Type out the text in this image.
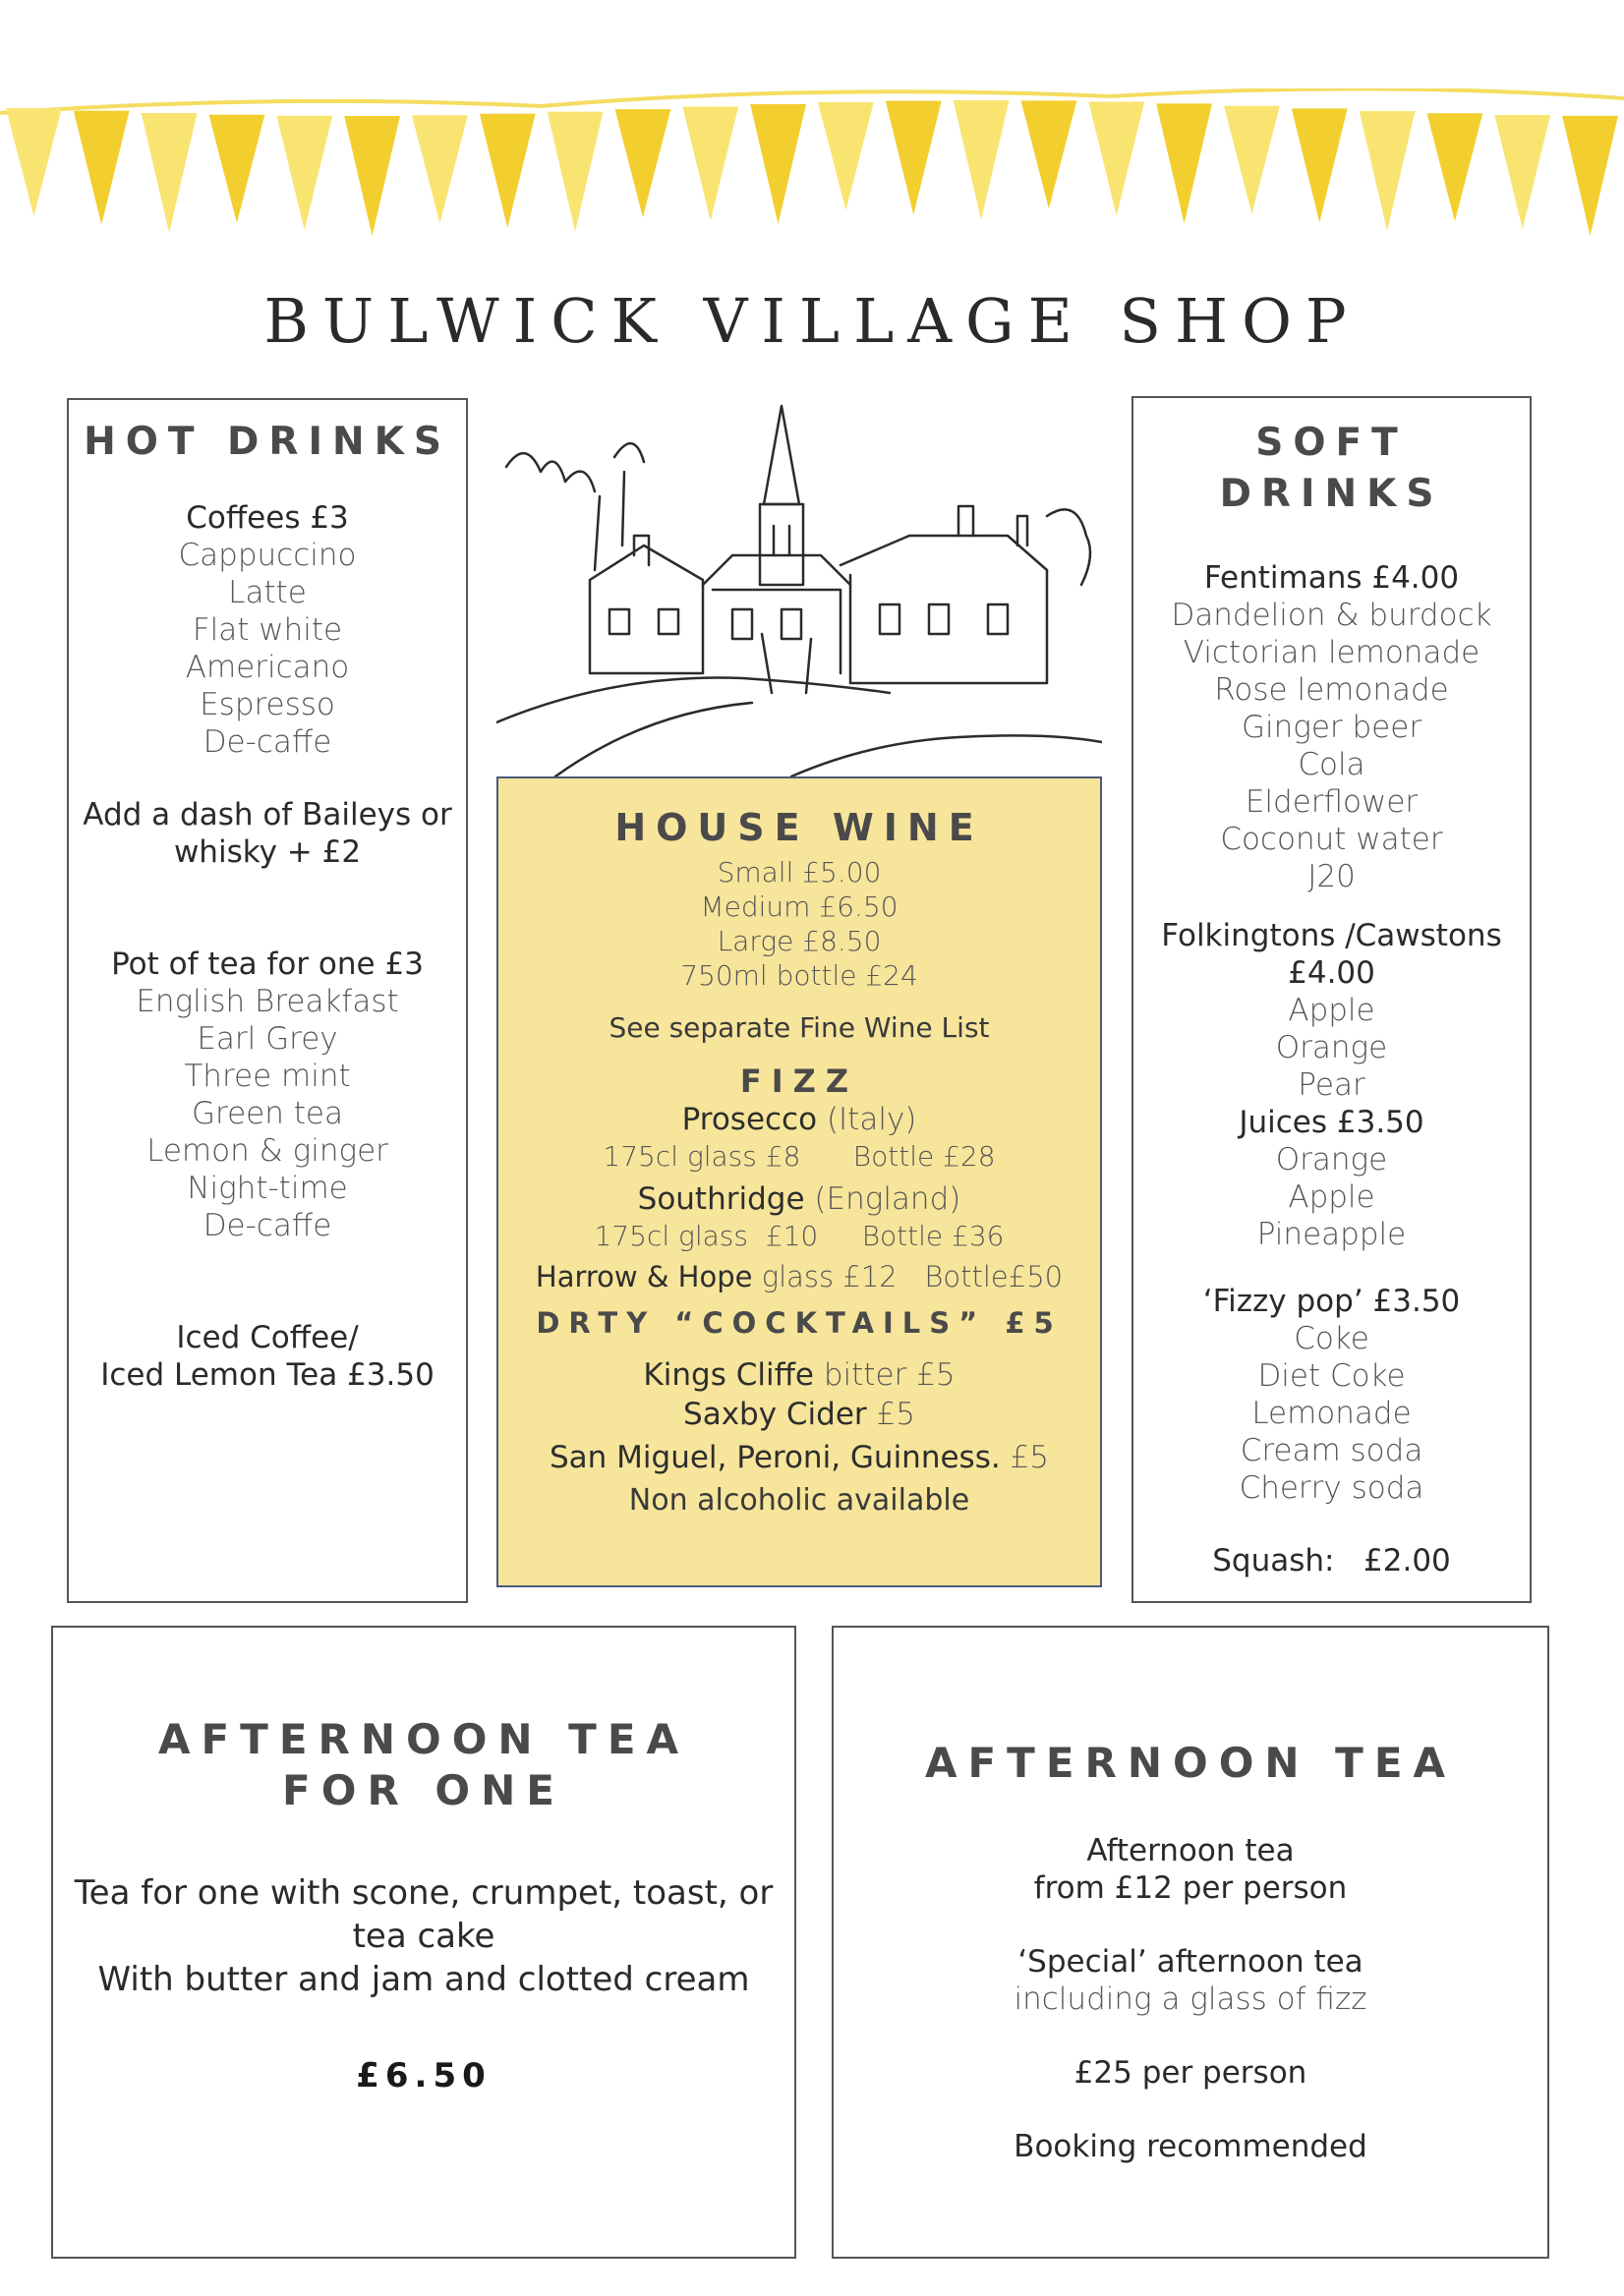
BULWICK VILLAGE SHOP
HOT DRINKS
Coffees £3
Cappuccino
Latte
Flat white
Americano
Espresso
De-caffe
Add a dash of Baileys or
whisky + £2
Pot of tea for one £3
English Breakfast
Earl Grey
Three mint
Green tea
Lemon & ginger
Night-time
De-caffe
Iced Coffee/
Iced Lemon Tea £3.50
HOUSE WINE
Small £5.00
Medium £6.50
Large £8.50
750ml bottle £24
See separate Fine Wine List
FIZZ
Prosecco (Italy)
175cl glass £8      Bottle £28
Southridge (England)
175cl glass  £10     Bottle £36
Harrow & Hope glass £12   Bottle£50
DRTY “COCKTAILS” £5
Kings Cliffe bitter £5
Saxby Cider £5
San Miguel, Peroni, Guinness. £5
Non alcoholic available
SOFT
DRINKS
Fentimans £4.00
Dandelion & burdock
Victorian lemonade
Rose lemonade
Ginger beer
Cola
Elderflower
Coconut water
J20
Folkingtons /Cawstons
£4.00
Apple
Orange
Pear
Juices £3.50
Orange
Apple
Pineapple
‘Fizzy pop’ £3.50
Coke
Diet Coke
Lemonade
Cream soda
Cherry soda
Squash:   £2.00
AFTERNOON TEA
FOR ONE
Tea for one with scone, crumpet, toast, or
tea cake
With butter and jam and clotted cream
£6.50
AFTERNOON TEA
Afternoon tea
from £12 per person
‘Special’ afternoon tea
including a glass of fizz
£25 per person
Booking recommended
